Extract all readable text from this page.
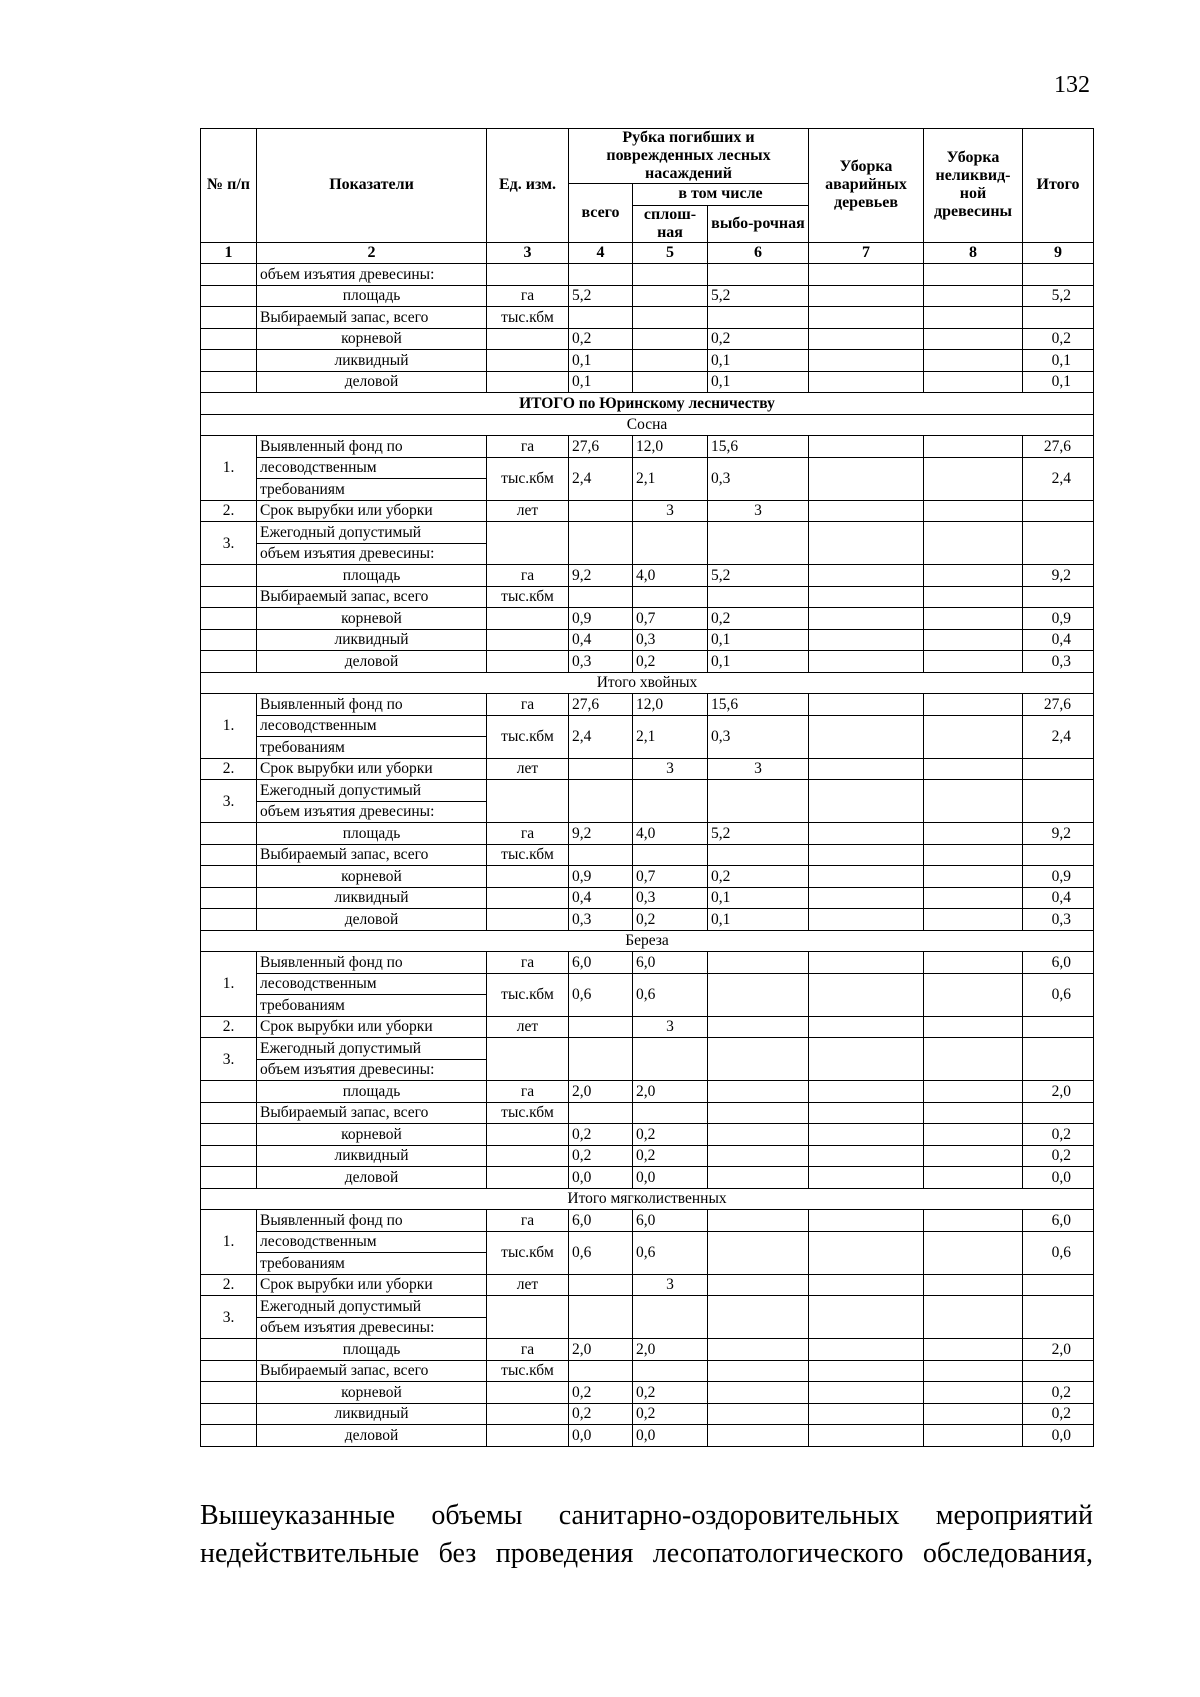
132
№ п/п	Показатели	Ед. изм.	Рубка погибших и поврежденных лесных насаждений			Уборка аварийных деревьев	Уборка неликвид-ной древесины	Итого
			всего	в том числе				
				сплош-ная	выбо-рочная			

1	2	3	4	5	6	7	8	9
	объем изъятия древесины:							
	площадь	га	5,2		5,2			5,2
	Выбираемый запас, всего	тыс.кбм						
	корневой		0,2		0,2			0,2
	ликвидный		0,1		0,1			0,1
	деловой		0,1		0,1			0,1
ИТОГО по Юринскому лесничеству								
Сосна								
1.	Выявленный фонд по	га	27,6	12,0	15,6			27,6
	лесоводственным	тыс.кбм	2,4	2,1	0,3			2,4
	требованиям							
2.	Срок вырубки или уборки	лет		3	3			
3.	Ежегодный допустимый							
	объем изъятия древесины:							
	площадь	га	9,2	4,0	5,2			9,2
	Выбираемый запас, всего	тыс.кбм						
	корневой		0,9	0,7	0,2			0,9
	ликвидный		0,4	0,3	0,1			0,4
	деловой		0,3	0,2	0,1			0,3
Итого хвойных								
1.	Выявленный фонд по	га	27,6	12,0	15,6			27,6
	лесоводственным	тыс.кбм	2,4	2,1	0,3			2,4
	требованиям							
2.	Срок вырубки или уборки	лет		3	3			
3.	Ежегодный допустимый							
	объем изъятия древесины:							
	площадь	га	9,2	4,0	5,2			9,2
	Выбираемый запас, всего	тыс.кбм						
	корневой		0,9	0,7	0,2			0,9
	ликвидный		0,4	0,3	0,1			0,4
	деловой		0,3	0,2	0,1			0,3
Береза								
1.	Выявленный фонд по	га	6,0	6,0				6,0
	лесоводственным	тыс.кбм	0,6	0,6				0,6
	требованиям							
2.	Срок вырубки или уборки	лет		3				
3.	Ежегодный допустимый							
	объем изъятия древесины:							
	площадь	га	2,0	2,0				2,0
	Выбираемый запас, всего	тыс.кбм						
	корневой		0,2	0,2				0,2
	ликвидный		0,2	0,2				0,2
	деловой		0,0	0,0				0,0
Итого мягколиственных								
1.	Выявленный фонд по	га	6,0	6,0				6,0
	лесоводственным	тыс.кбм	0,6	0,6				0,6
	требованиям							
2.	Срок вырубки или уборки	лет		3				
3.	Ежегодный допустимый							
	объем изъятия древесины:							
	площадь	га	2,0	2,0				2,0
	Выбираемый запас, всего	тыс.кбм						
	корневой		0,2	0,2				0,2
	ликвидный		0,2	0,2				0,2
	деловой		0,0	0,0				0,0

Вышеуказанные объемы санитарно-оздоровительных мероприятий

недействительные без проведения лесопатологического обследования,
